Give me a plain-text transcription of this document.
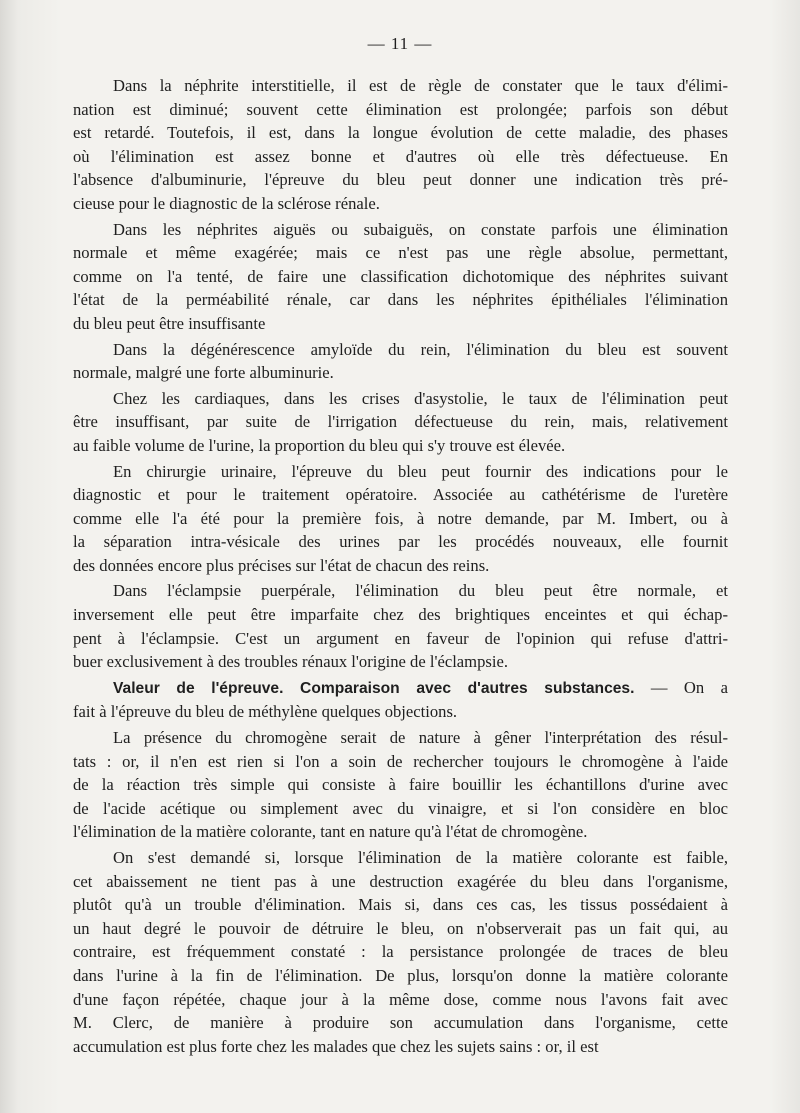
— 11 —
Dans la néphrite interstitielle, il est de règle de constater que le taux d'élimi-
nation est diminué; souvent cette élimination est prolongée; parfois son début
est retardé. Toutefois, il est, dans la longue évolution de cette maladie, des phases
où l'élimination est assez bonne et d'autres où elle très défectueuse. En
l'absence d'albuminurie, l'épreuve du bleu peut donner une indication très pré-
cieuse pour le diagnostic de la sclérose rénale.
Dans les néphrites aiguës ou subaiguës, on constate parfois une élimination
normale et même exagérée; mais ce n'est pas une règle absolue, permettant,
comme on l'a tenté, de faire une classification dichotomique des néphrites suivant
l'état de la perméabilité rénale, car dans les néphrites épithéliales l'élimination
du bleu peut être insuffisante
Dans la dégénérescence amyloïde du rein, l'élimination du bleu est souvent
normale, malgré une forte albuminurie.
Chez les cardiaques, dans les crises d'asystolie, le taux de l'élimination peut
être insuffisant, par suite de l'irrigation défectueuse du rein, mais, relativement
au faible volume de l'urine, la proportion du bleu qui s'y trouve est élevée.
En chirurgie urinaire, l'épreuve du bleu peut fournir des indications pour le
diagnostic et pour le traitement opératoire. Associée au cathétérisme de l'uretère
comme elle l'a été pour la première fois, à notre demande, par M. Imbert, ou à
la séparation intra-vésicale des urines par les procédés nouveaux, elle fournit
des données encore plus précises sur l'état de chacun des reins.
Dans l'éclampsie puerpérale, l'élimination du bleu peut être normale, et
inversement elle peut être imparfaite chez des brightiques enceintes et qui échap-
pent à l'éclampsie. C'est un argument en faveur de l'opinion qui refuse d'attri-
buer exclusivement à des troubles rénaux l'origine de l'éclampsie.
Valeur de l'épreuve. Comparaison avec d'autres substances. — On a
fait à l'épreuve du bleu de méthylène quelques objections.
La présence du chromogène serait de nature à gêner l'interprétation des résul-
tats : or, il n'en est rien si l'on a soin de rechercher toujours le chromogène à l'aide
de la réaction très simple qui consiste à faire bouillir les échantillons d'urine avec
de l'acide acétique ou simplement avec du vinaigre, et si l'on considère en bloc
l'élimination de la matière colorante, tant en nature qu'à l'état de chromogène.
On s'est demandé si, lorsque l'élimination de la matière colorante est faible,
cet abaissement ne tient pas à une destruction exagérée du bleu dans l'organisme,
plutôt qu'à un trouble d'élimination. Mais si, dans ces cas, les tissus possédaient à
un haut degré le pouvoir de détruire le bleu, on n'observerait pas un fait qui, au
contraire, est fréquemment constaté : la persistance prolongée de traces de bleu
dans l'urine à la fin de l'élimination. De plus, lorsqu'on donne la matière colorante
d'une façon répétée, chaque jour à la même dose, comme nous l'avons fait avec
M. Clerc, de manière à produire son accumulation dans l'organisme, cette
accumulation est plus forte chez les malades que chez les sujets sains : or, il est
